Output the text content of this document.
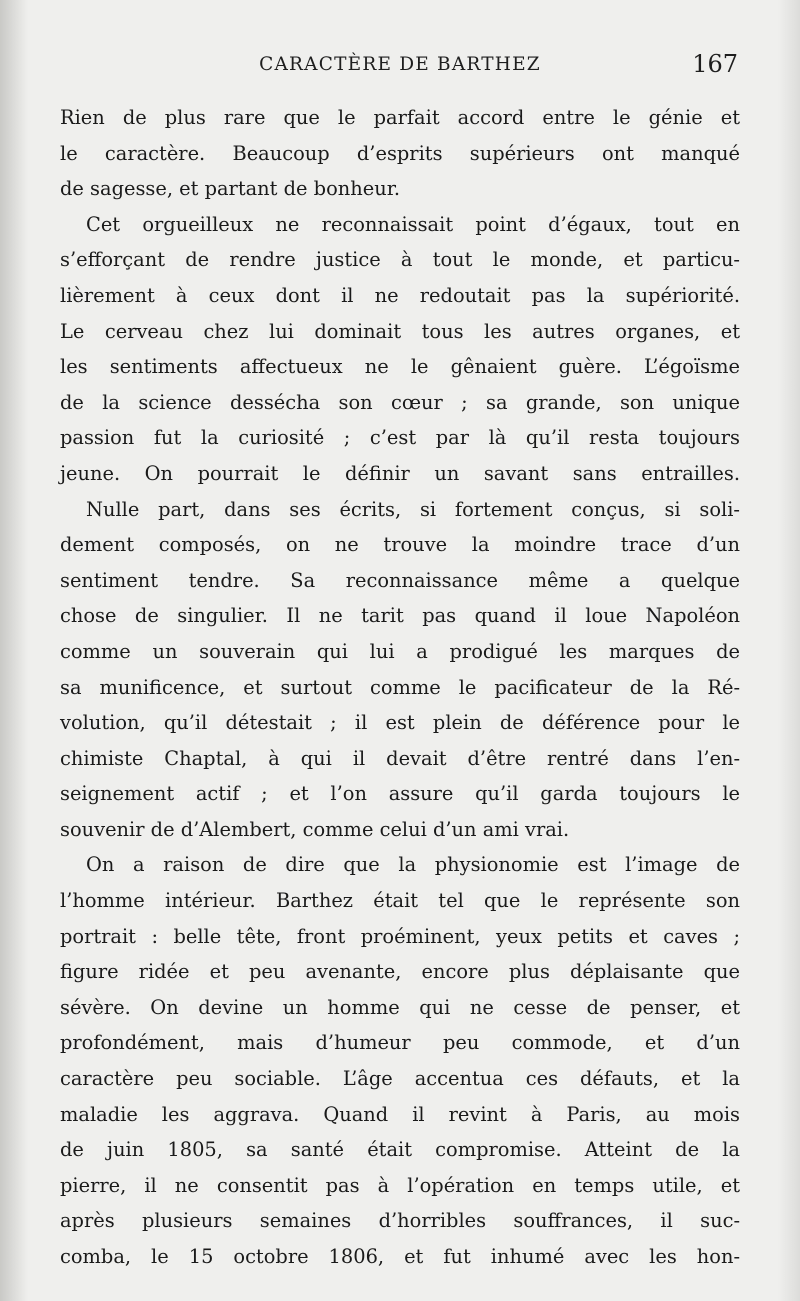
CARACTÈRE DE BARTHEZ	167
Rien de plus rare que le parfait accord entre le génie et
le caractère. Beaucoup d’esprits supérieurs ont manqué
de sagesse, et partant de bonheur.
Cet orgueilleux ne reconnaissait point d’égaux, tout en
s’efforçant de rendre justice à tout le monde, et particu-
lièrement à ceux dont il ne redoutait pas la supériorité.
Le cerveau chez lui dominait tous les autres organes, et
les sentiments affectueux ne le gênaient guère. L’égoïsme
de la science dessécha son cœur ; sa grande, son unique
passion fut la curiosité ; c’est par là qu’il resta toujours
jeune. On pourrait le définir un savant sans entrailles.
Nulle part, dans ses écrits, si fortement conçus, si soli-
dement composés, on ne trouve la moindre trace d’un
sentiment tendre. Sa reconnaissance même a quelque
chose de singulier. Il ne tarit pas quand il loue Napoléon
comme un souverain qui lui a prodigué les marques de
sa munificence, et surtout comme le pacificateur de la Ré-
volution, qu’il détestait ; il est plein de déférence pour le
chimiste Chaptal, à qui il devait d’être rentré dans l’en-
seignement actif ; et l’on assure qu’il garda toujours le
souvenir de d’Alembert, comme celui d’un ami vrai.
On a raison de dire que la physionomie est l’image de
l’homme intérieur. Barthez était tel que le représente son
portrait : belle tête, front proéminent, yeux petits et caves ;
figure ridée et peu avenante, encore plus déplaisante que
sévère. On devine un homme qui ne cesse de penser, et
profondément, mais d’humeur peu commode, et d’un
caractère peu sociable. L’âge accentua ces défauts, et la
maladie les aggrava. Quand il revint à Paris, au mois
de juin 1805, sa santé était compromise. Atteint de la
pierre, il ne consentit pas à l’opération en temps utile, et
après plusieurs semaines d’horribles souffrances, il suc-
comba, le 15 octobre 1806, et fut inhumé avec les hon-
